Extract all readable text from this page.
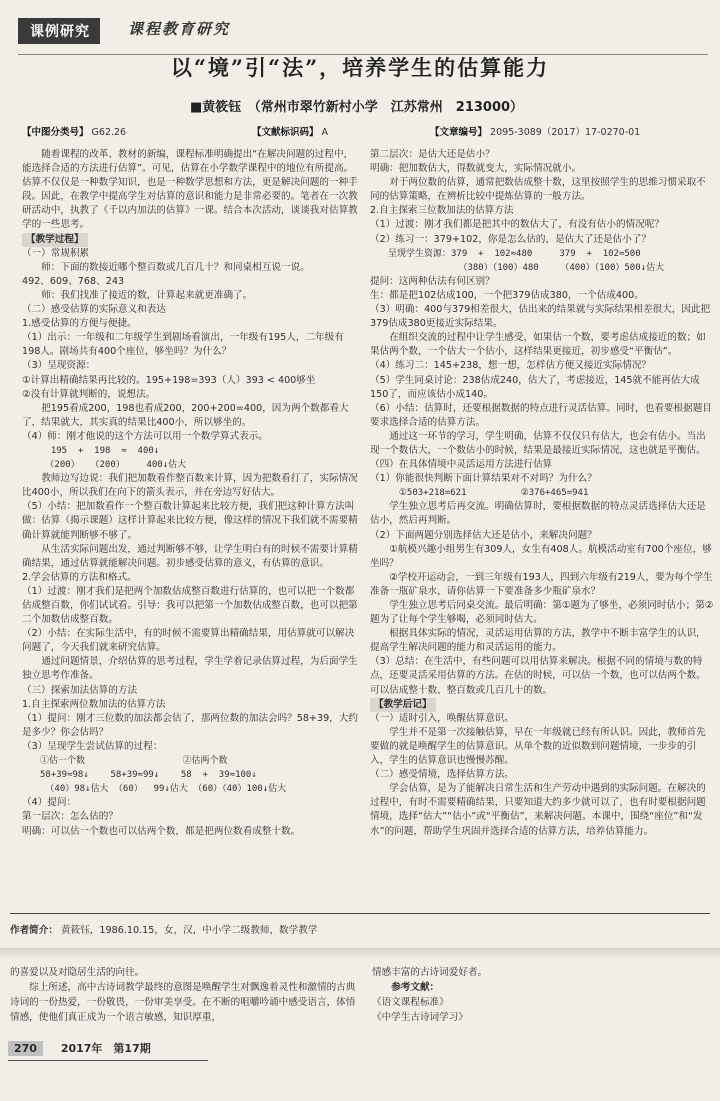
课例研究	课程教育研究
以“境”引“法”，培养学生的估算能力
■黄筱钰　（常州市翠竹新村小学　江苏常州　213000）
【中图分类号】 G62.26	【文献标识码】 A	【文章编号】 2095-3089（2017）17-0270-01

随着课程的改革、教材的新编，课程标准明确提出“在解决问题的过程中，能选择合适的方法进行估算”。可见，估算在小学数学课程中的地位有所提高。估算不仅仅是一种数学知识，也是一种数学思想和方法，更是解决问题的一种手段。因此，在教学中提高学生对估算的意识和能力是非常必要的。笔者在一次教研活动中，执教了《千以内加法的估算》一课。结合本次活动，谈谈我对估算教学的一些思考。

【教学过程】

（一）常规积累

师：下面的数接近哪个整百数或几百几十？和同桌相互说一说。

492、609、768、243

师：我们找准了接近的数，计算起来就更准确了。

（二）感受估算的实际意义和表达

1.感受估算的方便与便捷。

（1）出示：一年级和二年级学生到剧场看演出，一年级有195人，二年级有198人。剧场共有400个座位，够坐吗？为什么？

（3）呈现资源：

①计算出精确结果再比较的。195+198=393（人）393 < 400够坐

②没有计算就判断的，说想法。

把195看成200，198也看成200，200+200=400，因为两个数都看大了，结果就大，其实真的结果比400小，所以够坐的。

（4）师：刚才他说的这个方法可以用一个数学算式表示。

195  +  198  ≈  400↓

（200）  （200）    400↓估大

教师边写边说：我们把加数看作整百数来计算，因为把数看打了，实际情况比400小，所以我们在向下的箭头表示，并在旁边写好估大。

（5）小结：把加数看作一个整百数计算起来比较方便，我们把这种计算方法叫做：估算（揭示课题）这样计算起来比较方便，像这样的情况下我们就不需要精确计算就能判断够不够了。

从生活实际问题出发，通过判断够不够，让学生明白有的时候不需要计算精确结果，通过估算就能解决问题。初步感受估算的意义，有估算的意识。

2.学会估算的方法和格式。

（1）过渡：刚才我们是把两个加数估成整百数进行估算的，也可以把一个数都估成整百数，你们试试看。引导：我可以把第一个加数估成整百数，也可以把第二个加数估成整百数。

（2）小结：在实际生活中，有的时候不需要算出精确结果，用估算就可以解决问题了，今天我们就来研究估算。

通过问题情景，介绍估算的思考过程，学生学着记录估算过程，为后面学生独立思考作准备。

（三）探索加法估算的方法

1.自主探索两位数加法的估算方法

（1）提问：刚才三位数的加法都会估了，那两位数的加法会吗？58+39，大约是多少？你会估吗？

（3）呈现学生尝试估算的过程：

①估一个数                  ②估两个数

58+39≈98↓    58+39≈99↓    58  +  39≈100↓

（40）98↓估大 （60）  99↓估大 （60）（40）100↓估大

（4）提问：

第一层次：怎么估的？

明确：可以估一个数也可以估两个数，都是把两位数看成整十数。

第二层次：是估大还是估小？

明确：把加数估大，得数就变大，实际情况就小。

对于两位数的估算，通常把数估成整十数，这里按照学生的思维习惯采取不同的估算策略，在辨析比较中提炼估算的一般方法。

2.自主探索三位数加法的估算方法

（1）过渡：刚才我们都是把其中的数估大了，有没有估小的情况呢？

（2）练习一：379+102，你是怎么估的，是估大了还是估小了？

呈现学生资源：379  +  102≈480     379  +  102≈500

（380）（100）480    （400）（100）500↓估大

提问：这两种估法有何区别？

生：都是把102估成100，一个把379估成380，一个估成400。

（3）明确：400与379相差很大，估出来的结果就与实际结果相差很大，因此把379估成380更接近实际结果。

在组织交流的过程中让学生感受，如果估一个数，要考虑估成接近的数；如果估两个数，一个估大一个估小，这样结果更接近，初步感受“平衡估”。

（4）练习二：145+238，想一想，怎样估方便又接近实际情况？

（5）学生同桌讨论：238估成240，估大了，考虑接近，145就不能再估大成150了，而应该估小成140。

（6）小结：估算时，还要根据数据的特点进行灵活估算。同时，也看要根据题目要求选择合适的估算方法。

通过这一环节的学习，学生明确，估算不仅仅只有估大，也会有估小。当出现一个数估大，一个数估小的时候，结果是最接近实际情况，这也就是平衡估。

（四）在具体情境中灵活运用方法进行估算

（1）你能很快判断下面计算结果对不对吗？为什么？

①503+218=621          ②376+465=941

学生独立思考后再交流。明确估算时，要根据数据的特点灵活选择估大还是估小，然后再判断。

（2）下面两题分别选择估大还是估小，来解决问题？

①航模兴趣小组男生有309人，女生有408人。航模活动室有700个座位，够坐吗？

②学校开运动会，一到三年级有193人，四到六年级有219人，要为每个学生准备一瓶矿泉水，请你估算一下要准备多少瓶矿泉水？

学生独立思考后同桌交流。最后明确：第①题为了够坐，必须同时估小；第②题为了让每个学生够喝，必须同时估大。

根据具体实际的情况，灵活运用估算的方法，教学中不断丰富学生的认识，提高学生解决问题的能力和灵活运用的能力。

（3）总结：在生活中，有些问题可以用估算来解决。根据不同的情境与数的特点，还要灵活采用估算的方法。在估的时候，可以估一个数，也可以估两个数。可以估成整十数、整百数或几百几十的数。

【教学后记】

（一）适时引入，唤醒估算意识。

学生并不是第一次接触估算，早在一年级就已经有所认识。因此，教师首先要做的就是唤醒学生的估算意识。从单个数的近似数到问题情境，一步步的引入，学生的估算意识也慢慢苏醒。

（二）感受情境，选择估算方法。

学会估算，是为了能解决日常生活和生产劳动中遇到的实际问题。在解决的过程中，有时不需要精确结果，只要知道大约多少就可以了，也有时要根据问题情境，选择“估大”“估小”或“平衡估”，来解决问题。本课中，围绕“座位”和“发水”的问题，帮助学生巩固并选择合适的估算方法，培养估算能力。

作者简介： 黄筱钰，1986.10.15，女，汉，中小学二级教师，数学教学

的喜爱以及对隐居生活的向往。

综上所述，高中古诗词教学最终的意图是唤醒学生对飘逸着灵性和激情的古典诗词的一份热爱，一份敬畏，一份审美享受。在不断的咀嚼吟诵中感受语言，体悟情感，使他们真正成为一个语言敏感，知识厚重，

情感丰富的古诗词爱好者。

参考文献：

《语文课程标准》

《中学生古诗词学习》

270 2017年　第17期
